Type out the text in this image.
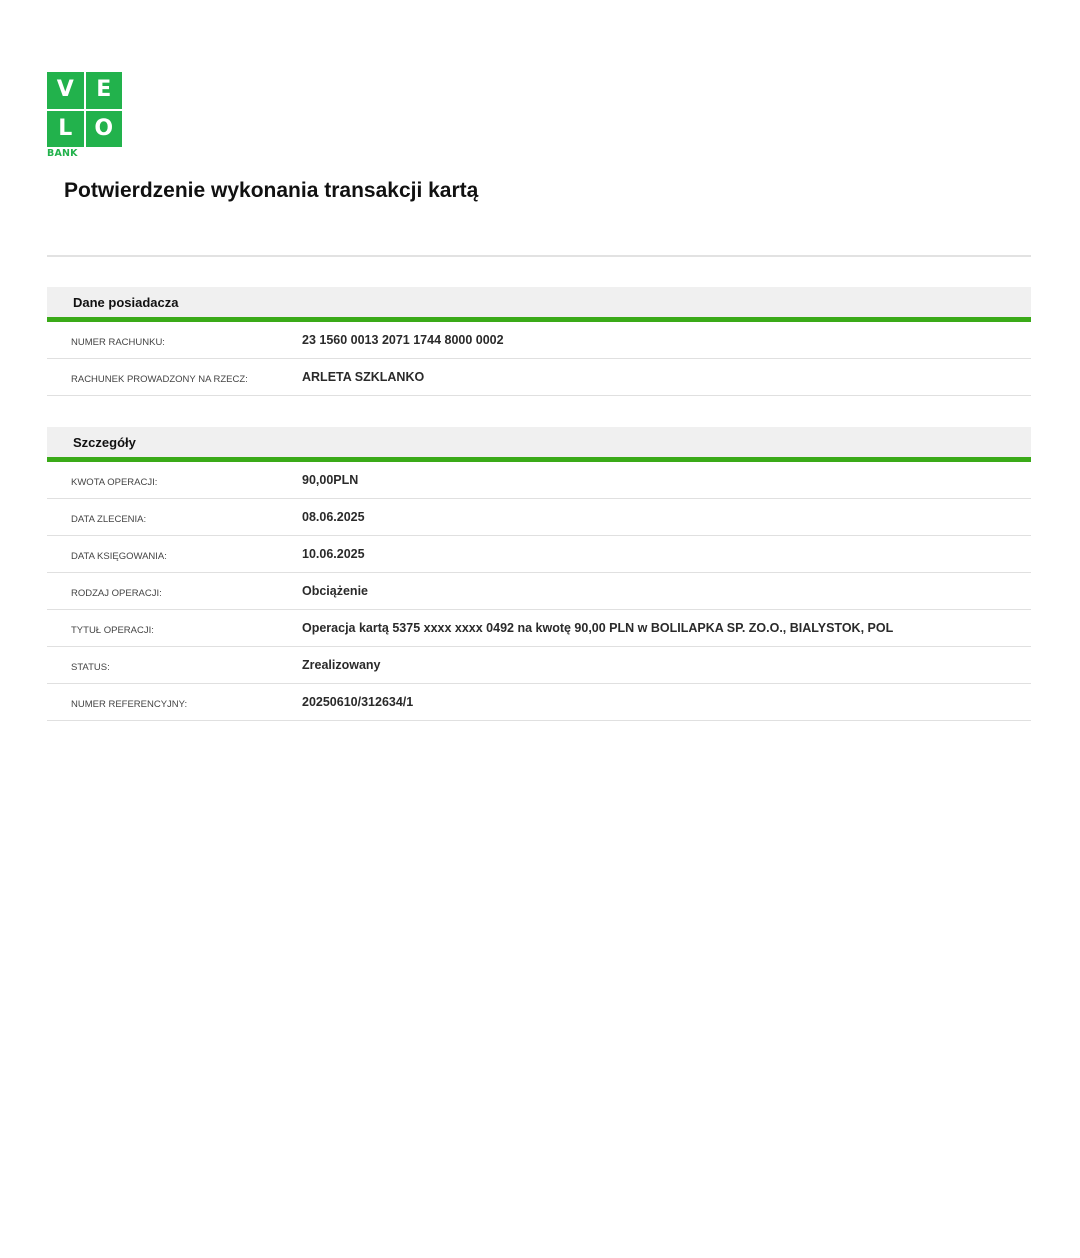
V	E
L	O
BANK
Potwierdzenie wykonania transakcji kartą
Dane posiadacza
NUMER RACHUNKU:	23 1560 0013 2071 1744 8000 0002
RACHUNEK PROWADZONY NA RZECZ:	ARLETA SZKLANKO
Szczegóły
KWOTA OPERACJI:	90,00PLN
DATA ZLECENIA:	08.06.2025
DATA KSIĘGOWANIA:	10.06.2025
RODZAJ OPERACJI:	Obciążenie
TYTUŁ OPERACJI:	Operacja kartą 5375 xxxx xxxx 0492 na kwotę 90,00 PLN w BOLILAPKA SP. ZO.O., BIALYSTOK, POL
STATUS:	Zrealizowany
NUMER REFERENCYJNY:	20250610/312634/1
